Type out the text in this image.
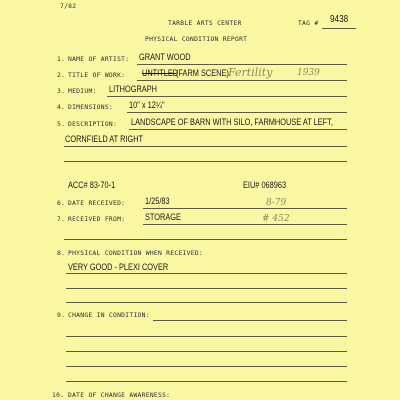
7/82
TARBLE ARTS CENTER	TAG # 9438
PHYSICAL CONDITION REPORT
1. NAME OF ARTIST: GRANT WOOD
2. TITLE OF WORK: UNTITLED
(FARM SCENE) Fertility	1939
3. MEDIUM: LITHOGRAPH
4. DIMENSIONS: 10" x 12¼"
5. DESCRIPTION: LANDSCAPE OF BARN WITH SILO, FARMHOUSE AT LEFT,
CORNFIELD AT RIGHT
ACC# 83-70-1	EIU# 068963
6. DATE RECEIVED: 1/25/83	8-79
7. RECEIVED FROM: STORAGE	# 452
8. PHYSICAL CONDITION WHEN RECEIVED:
VERY GOOD - PLEXI COVER
9. CHANGE IN CONDITION:
10. DATE OF CHANGE AWARENESS:
